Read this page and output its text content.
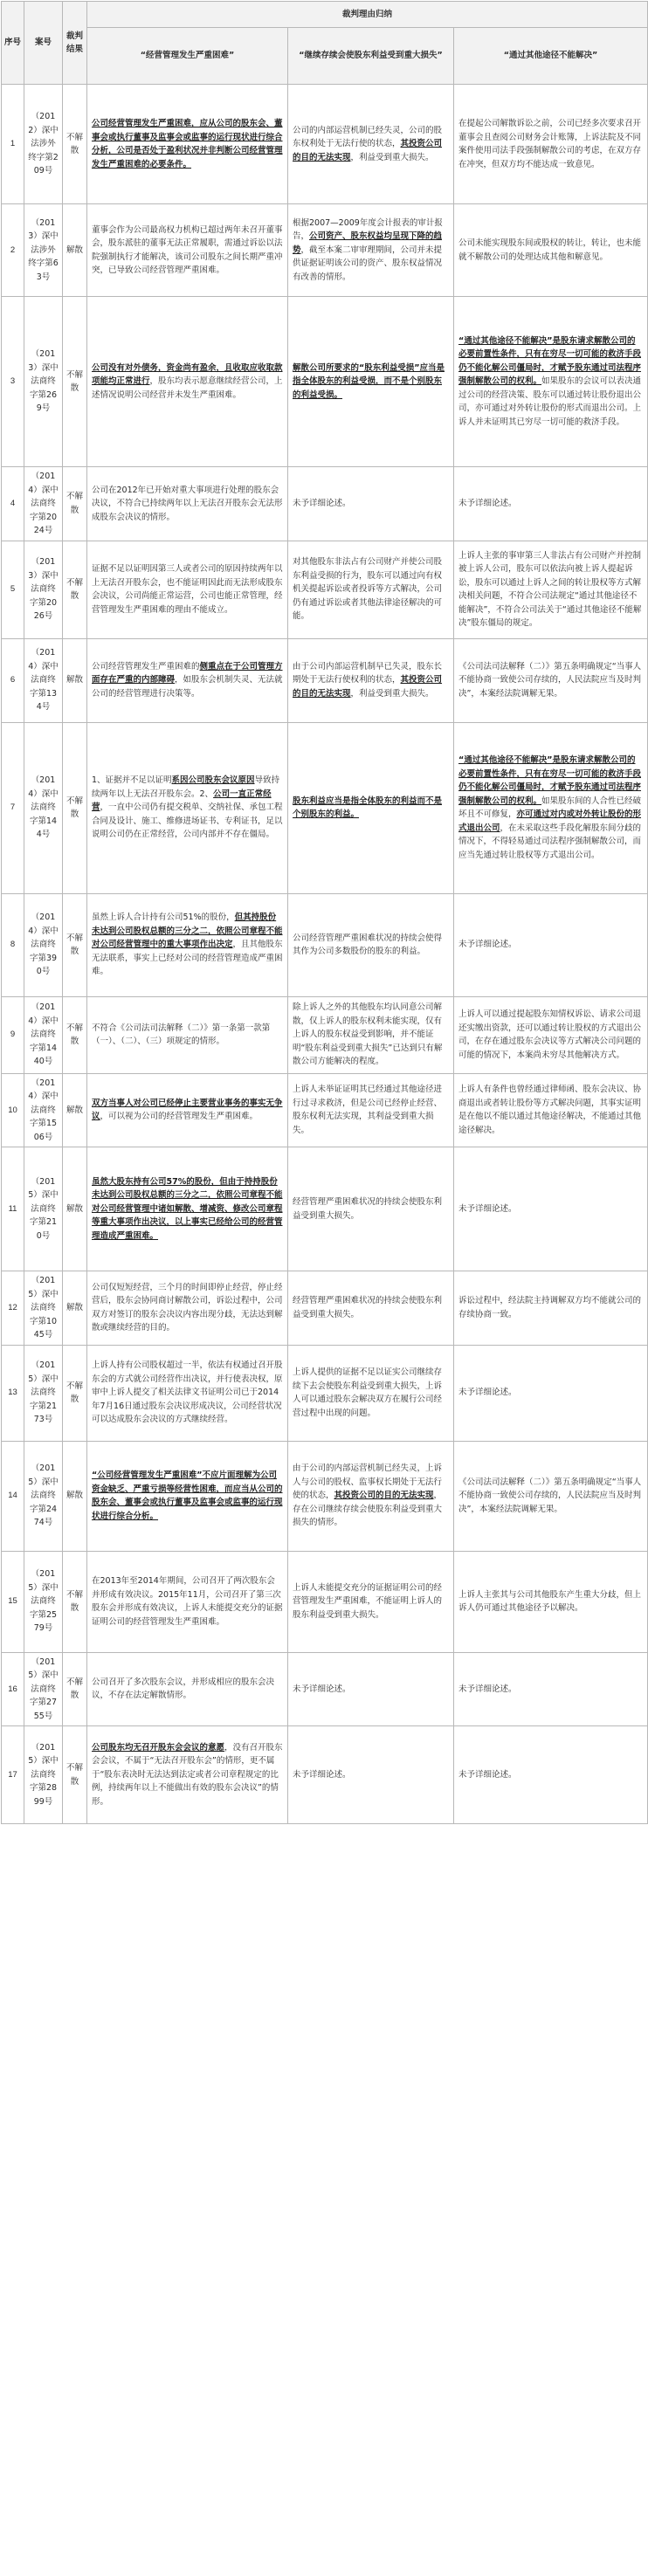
序号	案号	裁判结果	裁判理由归纳		
			“经营管理发生严重困难”	“继续存续会使股东利益受到重大损失”	“通过其他途径不能解决”
1	（2012）深中法涉外终字第209号	不解散	公司经营管理发生严重困难，应从公司的股东会、董事会或执行董事及监事会或监事的运行现状进行综合分析，公司是否处于盈利状况并非判断公司经营管理发生严重困难的必要条件。	公司的内部运营机制已经失灵，公司的股东权利处于无法行使的状态，其投资公司的目的无法实现，利益受到重大损失。	在提起公司解散诉讼之前，公司已经多次要求召开董事会且查阅公司财务会计账簿，上诉法院及不同案件使用司法手段强制解散公司的考虑，在双方存在冲突，但双方均不能达成一致意见。
2	（2013）深中法涉外终字第63号	解散	董事会作为公司最高权力机构已超过两年未召开董事会，股东派驻的董事无法正常履职，需通过诉讼以法院强制执行才能解决，该司公司股东之间长期严重冲突，已导致公司经营管理严重困难。	根据2007—2009年度会计报表的审计报告，公司资产、股东权益均呈现下降的趋势，截至本案二审审理期间，公司并未提供证据证明该公司的资产、股东权益情况有改善的情形。	公司未能实现股东间或股权的转让，转让，也未能就不解散公司的处理达成其他和解意见。
3	（2013）深中法商终字第269号	不解散	公司没有对外债务，资金尚有盈余，且收取应收取款项能均正常进行，股东均表示愿意继续经营公司，上述情况说明公司经营并未发生严重困难。	解散公司所要求的“股东利益受损”应当是指全体股东的利益受损，而不是个别股东的利益受损。	“通过其他途径不能解决”是股东请求解散公司的必要前置性条件，只有在穷尽一切可能的救济手段仍不能化解公司僵局时，才赋予股东通过司法程序强制解散公司的权利。如果股东的会议可以表决通过公司的经营决策、股东可以通过转让股份退出公司，亦可通过对外转让股份的形式而退出公司。上诉人并未证明其已穷尽一切可能的救济手段。
4	（2014）深中法商终字第2024号	不解散	公司在2012年已开始对重大事项进行处理的股东会决议，不符合已持续两年以上无法召开股东会无法形成股东会决议的情形。	未予详细论述。	未予详细论述。
5	（2013）深中法商终字第2026号	不解散	证据不足以证明因第三人或者公司的原因持续两年以上无法召开股东会，也不能证明因此而无法形成股东会决议，公司尚能正常运营，公司也能正常管理，经营管理发生严重困难的理由不能成立。	对其他股东非法占有公司财产并使公司股东利益受损的行为，股东可以通过向有权机关提起诉讼或者投诉等方式解决，公司仍有通过诉讼或者其他法律途径解决的可能。	上诉人主张的事审第三人非法占有公司财产并控制被上诉人公司，股东可以依法向被上诉人提起诉讼，股东可以通过上诉人之间的转让股权等方式解决相关问题，不符合公司法规定“通过其他途径不能解决”，不符合公司法关于“通过其他途径不能解决”股东僵局的规定。
6	（2014）深中法商终字第134号	解散	公司经营管理发生严重困难的侧重点在于公司管理方面存在严重的内部障碍，如股东会机制失灵、无法就公司的经营管理进行决策等。	由于公司内部运营机制早已失灵，股东长期处于无法行使权利的状态，其投资公司的目的无法实现，利益受到重大损失。	《公司法司法解释（二）》第五条明确规定“当事人不能协商一致使公司存续的，人民法院应当及时判决”，本案经法院调解无果。
7	（2014）深中法商终字第144号	不解散	1、证据并不足以证明系因公司股东会议原因导致持续两年以上无法召开股东会。2、公司一直正常经营，一直中公司仍有提交税单、交纳社保、承包工程合同及设计、施工、维修进场证书、专利证书，足以说明公司仍在正常经营，公司内部并不存在僵局。	股东利益应当是指全体股东的利益而不是个别股东的利益。	“通过其他途径不能解决”是股东请求解散公司的必要前置性条件，只有在穷尽一切可能的救济手段仍不能化解公司僵局时，才赋予股东通过司法程序强制解散公司的权利。如果股东间的人合性已经破坏且不可修复，亦可通过对内或对外转让股份的形式退出公司，在未采取这些手段化解股东间分歧的情况下，不得轻易通过司法程序强制解散公司，而应当先通过转让股权等方式退出公司。
8	（2014）深中法商终字第390号	不解散	虽然上诉人合计持有公司51%的股份，但其持股份未达到公司股权总额的三分之二，依照公司章程不能对公司经营管理中的重大事项作出决定，且其他股东无法联系，事实上已经对公司的经营管理造成严重困难。	公司经营管理严重困难状况的持续会使得其作为公司多数股份的股东的利益。	未予详细论述。
9	（2014）深中法商终字第1440号	不解散	不符合《公司法司法解释（二）》第一条第一款第（一）、（二）、（三）项规定的情形。	除上诉人之外的其他股东均认同意公司解散，仅上诉人的股东权利未能实现，仅有上诉人的股东权益受到影响，并不能证明“股东利益受到重大损失”已达到只有解散公司方能解决的程度。	上诉人可以通过提起股东知情权诉讼、请求公司退还实缴出资款，还可以通过转让股权的方式退出公司，在存在通过股东会决议等方式解决公司问题的可能的情况下，本案尚未穷尽其他解决方式。
10	（2014）深中法商终字第1506号	解散	双方当事人对公司已经停止主要营业事务的事实无争议，可以视为公司的经营管理发生严重困难。	上诉人未举证证明其已经通过其他途径进行过寻求救济，但是公司已经停止经营、股东权利无法实现，其利益受到重大损失。	上诉人有条件也曾经通过律师函、股东会决议、协商退出或者转让股份等方式解决问题，其事实证明是在他以不能以通过其他途径解决，不能通过其他途径解决。
11	（2015）深中法商终字第210号	解散	虽然大股东持有公司57%的股份，但由于持持股份未达到公司股权总额的三分之二，依照公司章程不能对公司经营管理中诸如解散、增减资、修改公司章程等重大事项作出决议，以上事实已经给公司的经营管理造成严重困难。	经营管理严重困难状况的持续会使股东利益受到重大损失。	未予详细论述。
12	（2015）深中法商终字第1045号	解散	公司仅短短经营，三个月的时间即停止经营，停止经营后，股东会协同商讨解散公司，诉讼过程中，公司双方对签订的股东会决议内容出现分歧，无法达到解散或继续经营的目的。	经营管理严重困难状况的持续会使股东利益受到重大损失。	诉讼过程中，经法院主持调解双方均不能就公司的存续协商一致。
13	（2015）深中法商终字第2173号	不解散	上诉人持有公司股权超过一半，依法有权通过召开股东会的方式就公司经营作出决议，并行使表决权，原审中上诉人提交了相关法律文书证明公司已于2014年7月16日通过股东会决议形成决议，公司经营状况可以达成股东会决议的方式继续经营。	上诉人提供的证据不足以证实公司继续存续下去会使股东利益受到重大损失，上诉人可以通过股东会解决双方在履行公司经营过程中出现的问题。	未予详细论述。
14	（2015）深中法商终字第2474号	解散	“公司经营管理发生严重困难”不应片面理解为公司资金缺乏、严重亏损等经营性困难，而应当从公司的股东会、董事会或执行董事及监事会或监事的运行现状进行综合分析。	由于公司的内部运营机制已经失灵，上诉人与公司的股权、监事权长期处于无法行使的状态，其投资公司的目的无法实现，存在公司继续存续会使股东利益受到重大损失的情形。	《公司法司法解释（二）》第五条明确规定“当事人不能协商一致使公司存续的，人民法院应当及时判决”，本案经法院调解无果。
15	（2015）深中法商终字第2579号	不解散	在2013年至2014年期间，公司召开了两次股东会并形成有效决议。2015年11月，公司召开了第三次股东会并形成有效决议，上诉人未能提交充分的证据证明公司的经营管理发生严重困难。	上诉人未能提交充分的证据证明公司的经营管理发生严重困难，不能证明上诉人的股东利益受到重大损失。	上诉人主张其与公司其他股东产生重大分歧，但上诉人仍可通过其他途径予以解决。
16	（2015）深中法商终字第2755号	不解散	公司召开了多次股东会议，并形成相应的股东会决议，不存在法定解散情形。	未予详细论述。	未予详细论述。
17	（2015）深中法商终字第2899号	不解散	公司股东均无召开股东会会议的意愿，没有召开股东会会议，不属于“无法召开股东会”的情形，更不属于“股东表决时无法达到法定或者公司章程规定的比例，持续两年以上不能做出有效的股东会决议”的情形。	未予详细论述。	未予详细论述。
